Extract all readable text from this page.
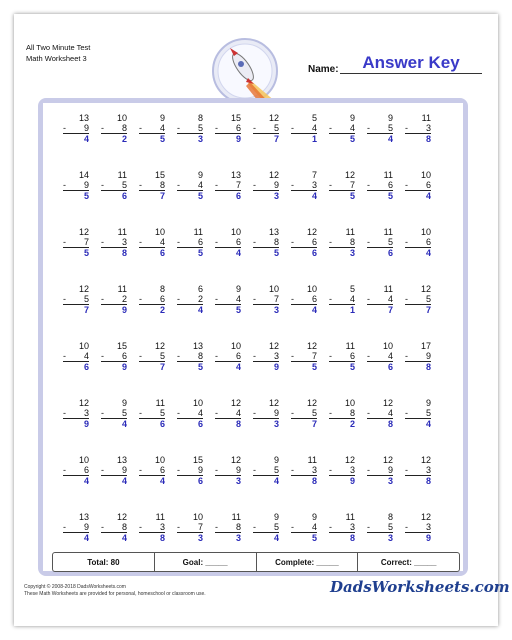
All Two Minute Test
Math Worksheet 3
Name:	Answer Key
13
- 9
4
10
- 8
2
9
- 4
5
8
- 5
3
15
- 6
9
12
- 5
7
5
- 4
1
9
- 4
5
9
- 5
4
11
- 3
8
14
- 9
5
11
- 5
6
15
- 8
7
9
- 4
5
13
- 7
6
12
- 9
3
7
- 3
4
12
- 7
5
11
- 6
5
10
- 6
4
12
- 7
5
11
- 3
8
10
- 4
6
11
- 6
5
10
- 6
4
13
- 8
5
12
- 6
6
11
- 8
3
11
- 5
6
10
- 6
4
12
- 5
7
11
- 2
9
8
- 6
2
6
- 2
4
9
- 4
5
10
- 7
3
10
- 6
4
5
- 4
1
11
- 4
7
12
- 5
7
10
- 4
6
15
- 6
9
12
- 5
7
13
- 8
5
10
- 6
4
12
- 3
9
12
- 7
5
11
- 6
5
10
- 4
6
17
- 9
8
12
- 3
9
9
- 5
4
11
- 5
6
10
- 4
6
12
- 4
8
12
- 9
3
12
- 5
7
10
- 8
2
12
- 4
8
9
- 5
4
10
- 6
4
13
- 9
4
10
- 6
4
15
- 9
6
12
- 9
3
9
- 5
4
11
- 3
8
12
- 3
9
12
- 9
3
12
- 3
8
13
- 9
4
12
- 8
4
11
- 3
8
10
- 7
3
11
- 8
3
9
- 5
4
9
- 4
5
11
- 3
8
8
- 5
3
12
- 3
9
Total: 80	Goal: _____	Complete: _____	Correct: _____
Copyright © 2008-2018 DadsWorksheets.com
These Math Worksheets are provided for personal, homeschool or classroom use.	DadsWorksheets.com
